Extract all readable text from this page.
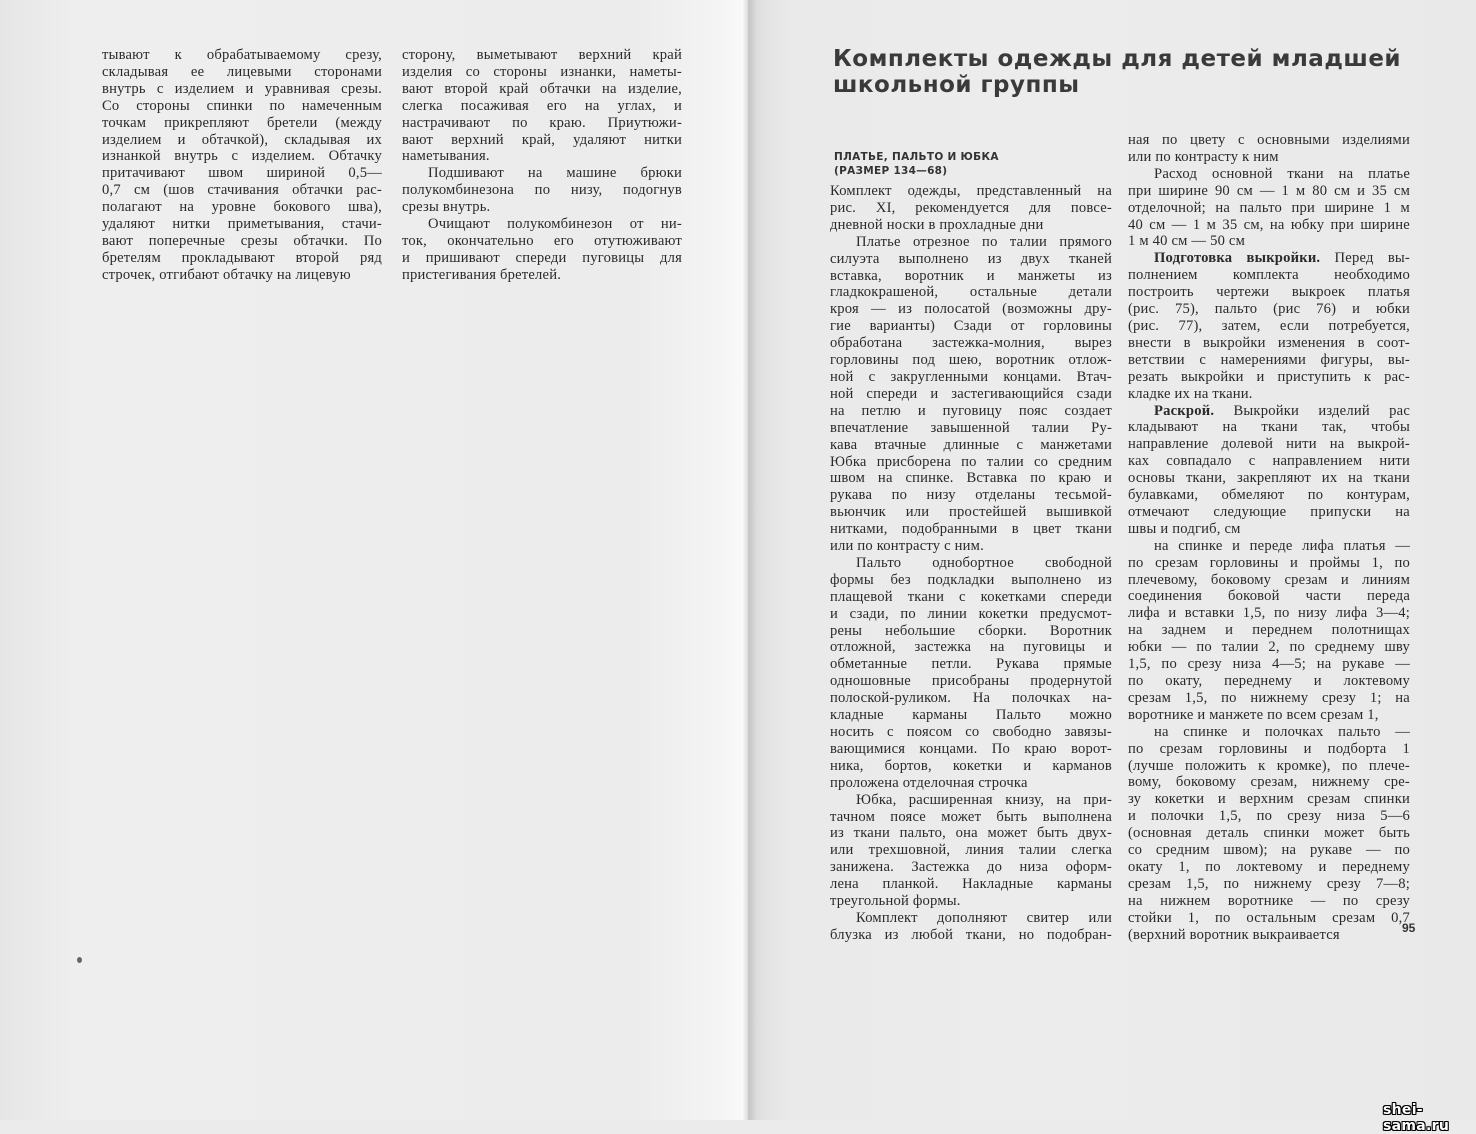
тывают к обрабатываемому срезу,
складывая ее лицевыми сторонами
внутрь с изделием и уравнивая срезы.
Со стороны спинки по намеченным
точкам прикрепляют бретели (между
изделием и обтачкой), складывая их
изнанкой внутрь с изделием. Обтачку
притачивают швом шириной 0,5—
0,7 см (шов стачивания обтачки рас-
полагают на уровне бокового шва),
удаляют нитки приметывания, стачи-
вают поперечные срезы обтачки. По
бретелям прокладывают второй ряд
строчек, отгибают обтачку на лицевую
сторону, выметывают верхний край
изделия со стороны изнанки, наметы-
вают второй край обтачки на изделие,
слегка посаживая его на углах, и
настрачивают по краю. Приутюжи-
вают верхний край, удаляют нитки
наметывания.
Подшивают на машине брюки
полукомбинезона по низу, подогнув
срезы внутрь.
Очищают полукомбинезон от ни-
ток, окончательно его отутюживают
и пришивают спереди пуговицы для
пристегивания бретелей.
Комплекты одежды для детей младшей
школьной группы
ПЛАТЬЕ, ПАЛЬТО И ЮБКА
(РАЗМЕР 134—68)
Комплект одежды, представленный на
рис. XI, рекомендуется для повсе-
дневной носки в прохладные дни
Платье отрезное по талии прямого
силуэта выполнено из двух тканей
вставка, воротник и манжеты из
гладкокрашеной, остальные детали
кроя — из полосатой (возможны дру-
гие варианты) Сзади от горловины
обработана застежка-молния, вырез
горловины под шею, воротник отлож-
ной с закругленными концами. Втач-
ной спереди и застегивающийся сзади
на петлю и пуговицу пояс создает
впечатление завышенной талии Ру-
кава втачные длинные с манжетами
Юбка присборена по талии со средним
швом на спинке. Вставка по краю и
рукава по низу отделаны тесьмой-
вьюнчик или простейшей вышивкой
нитками, подобранными в цвет ткани
или по контрасту с ним.
Пальто однобортное свободной
формы без подкладки выполнено из
плащевой ткани с кокетками спереди
и сзади, по линии кокетки предусмот-
рены небольшие сборки. Воротник
отложной, застежка на пуговицы и
обметанные петли. Рукава прямые
одношовные присобраны продернутой
полоской-руликом. На полочках на-
кладные карманы Пальто можно
носить с поясом со свободно завязы-
вающимися концами. По краю ворот-
ника, бортов, кокетки и карманов
проложена отделочная строчка
Юбка, расширенная книзу, на при-
тачном поясе может быть выполнена
из ткани пальто, она может быть двух-
или трехшовной, линия талии слегка
занижена. Застежка до низа оформ-
лена планкой. Накладные карманы
треугольной формы.
Комплект дополняют свитер или
блузка из любой ткани, но подобран-
ная по цвету с основными изделиями
или по контрасту к ним
Расход основной ткани на платье
при ширине 90 см — 1 м 80 см и 35 см
отделочной; на пальто при ширине 1 м
40 см — 1 м 35 см, на юбку при ширине
1 м 40 см — 50 см
Подготовка выкройки. Перед вы-
полнением комплекта необходимо
построить чертежи выкроек платья
(рис. 75), пальто (рис 76) и юбки
(рис. 77), затем, если потребуется,
внести в выкройки изменения в соот-
ветствии с намерениями фигуры, вы-
резать выкройки и приступить к рас-
кладке их на ткани.
Раскрой. Выкройки изделий рас
кладывают на ткани так, чтобы
направление долевой нити на выкрой-
ках совпадало с направлением нити
основы ткани, закрепляют их на ткани
булавками, обмеляют по контурам,
отмечают следующие припуски на
швы и подгиб, см
на спинке и переде лифа платья —
по срезам горловины и проймы 1, по
плечевому, боковому срезам и линиям
соединения боковой части переда
лифа и вставки 1,5, по низу лифа 3—4;
на заднем и переднем полотнищах
юбки — по талии 2, по среднему шву
1,5, по срезу низа 4—5; на рукаве —
по окату, переднему и локтевому
срезам 1,5, по нижнему срезу 1; на
воротнике и манжете по всем срезам 1,
на спинке и полочках пальто —
по срезам горловины и подборта 1
(лучше положить к кромке), по плече-
вому, боковому срезам, нижнему сре-
зу кокетки и верхним срезам спинки
и полочки 1,5, по срезу низа 5—6
(основная деталь спинки может быть
со средним швом); на рукаве — по
окату 1, по локтевому и переднему
срезам 1,5, по нижнему срезу 7—8;
на нижнем воротнике — по срезу
стойки 1, по остальным срезам 0,7
(верхний воротник выкраивается	95
shei-sama.ru
